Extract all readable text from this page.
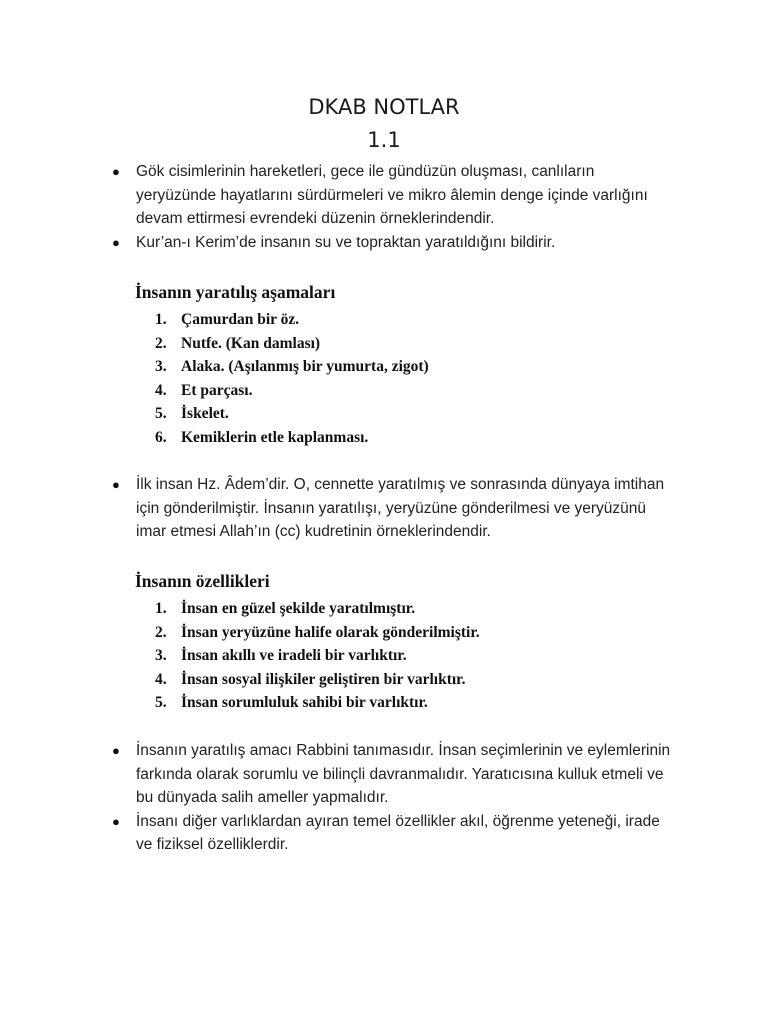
DKAB NOTLAR
1.1
● Gök cisimlerinin hareketleri, gece ile gündüzün oluşması, canlıların yeryüzünde hayatlarını sürdürmeleri ve mikro âlemin denge içinde varlığını devam ettirmesi evrendeki düzenin örneklerindendir.
● Kur’an-ı Kerim’de insanın su ve topraktan yaratıldığını bildirir.
İnsanın yaratılış aşamaları
1. Çamurdan bir öz.
2. Nutfe. (Kan damlası)
3. Alaka. (Aşılanmış bir yumurta, zigot)
4. Et parçası.
5. İskelet.
6. Kemiklerin etle kaplanması.
● İlk insan Hz. Âdem’dir. O, cennette yaratılmış ve sonrasında dünyaya imtihan için gönderilmiştir. İnsanın yaratılışı, yeryüzüne gönderilmesi ve yeryüzünü imar etmesi Allah’ın (cc) kudretinin örneklerindendir.
İnsanın özellikleri
1. İnsan en güzel şekilde yaratılmıştır.
2. İnsan yeryüzüne halife olarak gönderilmiştir.
3. İnsan akıllı ve iradeli bir varlıktır.
4. İnsan sosyal ilişkiler geliştiren bir varlıktır.
5. İnsan sorumluluk sahibi bir varlıktır.
● İnsanın yaratılış amacı Rabbini tanımasıdır. İnsan seçimlerinin ve eylemlerinin farkında olarak sorumlu ve bilinçli davranmalıdır. Yaratıcısına kulluk etmeli ve bu dünyada salih ameller yapmalıdır.
● İnsanı diğer varlıklardan ayıran temel özellikler akıl, öğrenme yeteneği, irade ve fiziksel özelliklerdir.
